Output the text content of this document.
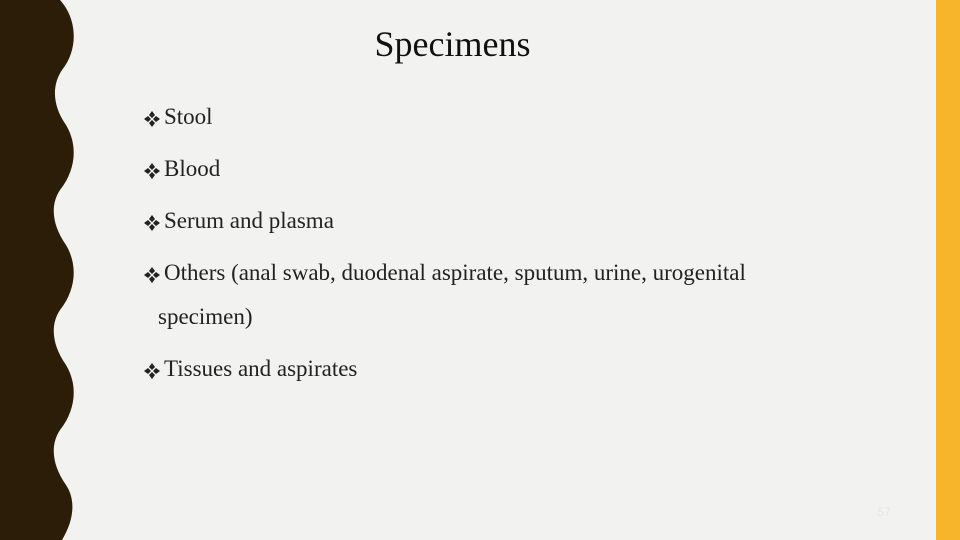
Specimens
Stool
Blood
Serum and plasma
Others (anal swab, duodenal aspirate, sputum, urine, urogenital
specimen)
Tissues and aspirates
57
